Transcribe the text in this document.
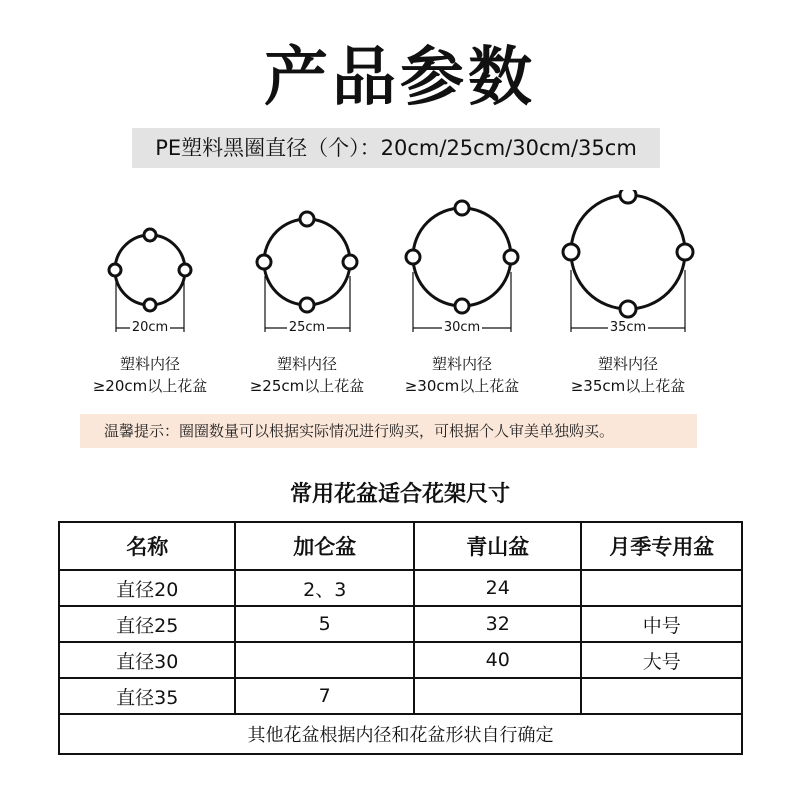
产品参数
PE塑料黑圈直径（个）：20cm/25cm/30cm/35cm
20cm	25cm	30cm	35cm
塑料内径
≥20cm以上花盆
塑料内径
≥25cm以上花盆
塑料内径
≥30cm以上花盆
塑料内径
≥35cm以上花盆
温馨提示：圈圈数量可以根据实际情况进行购买，可根据个人审美单独购买。
常用花盆适合花架尺寸
名称	加仑盆	青山盆	月季专用盆
直径20	2、3	24	
直径25	5	32	中号
直径30		40	大号
直径35	7		
其他花盆根据内径和花盆形状自行确定			
